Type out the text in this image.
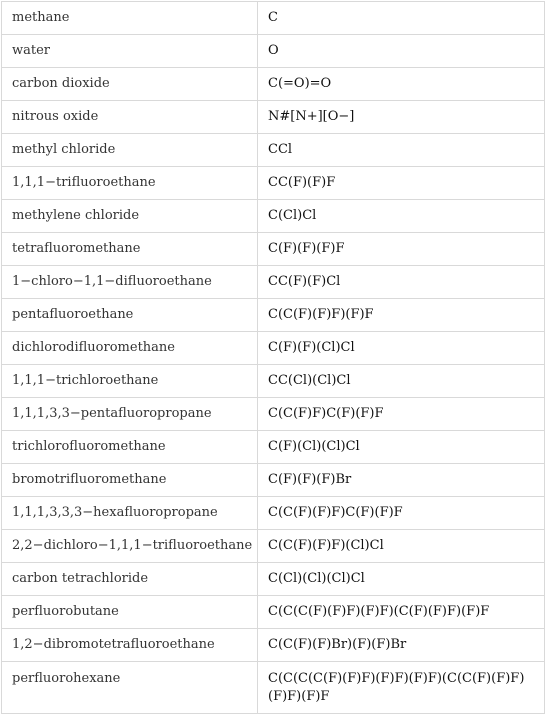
methane	C
water	O
carbon dioxide	C(=O)=O
nitrous oxide	N#[N+][O−]
methyl chloride	CCl
1,1,1−trifluoroethane	CC(F)(F)F
methylene chloride	C(Cl)Cl
tetrafluoromethane	C(F)(F)(F)F
1−chloro−1,1−difluoroethane	CC(F)(F)Cl
pentafluoroethane	C(C(F)(F)F)(F)F
dichlorodifluoromethane	C(F)(F)(Cl)Cl
1,1,1−trichloroethane	CC(Cl)(Cl)Cl
1,1,1,3,3−pentafluoropropane	C(C(F)F)C(F)(F)F
trichlorofluoromethane	C(F)(Cl)(Cl)Cl
bromotrifluoromethane	C(F)(F)(F)Br
1,1,1,3,3,3−hexafluoropropane	C(C(F)(F)F)C(F)(F)F
2,2−dichloro−1,1,1−trifluoroethane	C(C(F)(F)F)(Cl)Cl
carbon tetrachloride	C(Cl)(Cl)(Cl)Cl
perfluorobutane	C(C(C(F)(F)F)(F)F)(C(F)(F)F)(F)F
1,2−dibromotetrafluoroethane	C(C(F)(F)Br)(F)(F)Br
perfluorohexane	C(C(C(C(F)(F)F)(F)F)(F)F)(C(C(F)(F)F)(F)F)(F)F
